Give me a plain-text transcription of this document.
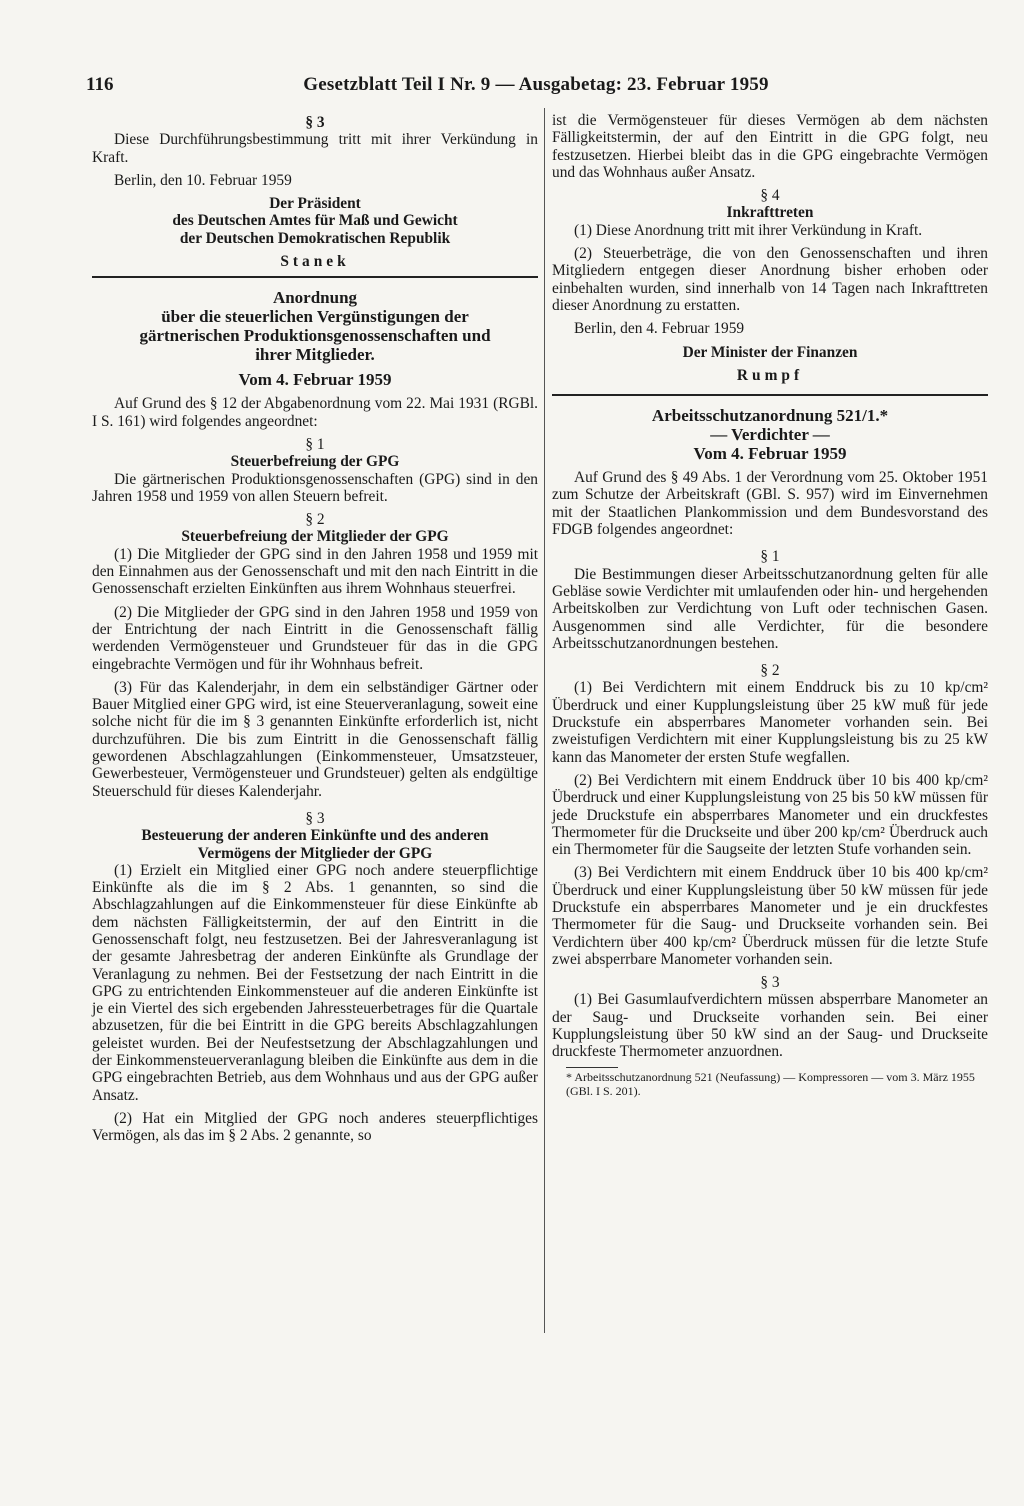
116	Gesetzblatt Teil I Nr. 9 — Ausgabetag: 23. Februar 1959

§ 3

Diese Durchführungsbestimmung tritt mit ihrer Verkündung in Kraft.

Berlin, den 10. Februar 1959

Der Präsident

des Deutschen Amtes für Maß und Gewicht

der Deutschen Demokratischen Republik

Stanek

Anordnung

über die steuerlichen Vergünstigungen der

gärtnerischen Produktionsgenossenschaften und

ihrer Mitglieder.

Vom 4. Februar 1959

Auf Grund des § 12 der Abgabenordnung vom 22. Mai 1931 (RGBl. I S. 161) wird folgendes angeordnet:

§ 1

Steuerbefreiung der GPG

Die gärtnerischen Produktionsgenossenschaften (GPG) sind in den Jahren 1958 und 1959 von allen Steuern befreit.

§ 2

Steuerbefreiung der Mitglieder der GPG

(1) Die Mitglieder der GPG sind in den Jahren 1958 und 1959 mit den Einnahmen aus der Genossenschaft und mit den nach Eintritt in die Genossenschaft erzielten Einkünften aus ihrem Wohnhaus steuerfrei.

(2) Die Mitglieder der GPG sind in den Jahren 1958 und 1959 von der Entrichtung der nach Eintritt in die Genossenschaft fällig werdenden Vermögensteuer und Grundsteuer für das in die GPG eingebrachte Vermögen und für ihr Wohnhaus befreit.

(3) Für das Kalenderjahr, in dem ein selbständiger Gärtner oder Bauer Mitglied einer GPG wird, ist eine Steuerveranlagung, soweit eine solche nicht für die im § 3 genannten Einkünfte erforderlich ist, nicht durchzuführen. Die bis zum Eintritt in die Genossenschaft fällig gewordenen Abschlagzahlungen (Einkommensteuer, Umsatzsteuer, Gewerbesteuer, Vermögensteuer und Grundsteuer) gelten als endgültige Steuerschuld für dieses Kalenderjahr.

§ 3

Besteuerung der anderen Einkünfte und des anderen

Vermögens der Mitglieder der GPG

(1) Erzielt ein Mitglied einer GPG noch andere steuerpflichtige Einkünfte als die im § 2 Abs. 1 genannten, so sind die Abschlagzahlungen auf die Einkommensteuer für diese Einkünfte ab dem nächsten Fälligkeitstermin, der auf den Eintritt in die Genossenschaft folgt, neu festzusetzen. Bei der Jahresveranlagung ist der gesamte Jahresbetrag der anderen Einkünfte als Grundlage der Veranlagung zu nehmen. Bei der Festsetzung der nach Eintritt in die GPG zu entrichtenden Einkommensteuer auf die anderen Einkünfte ist je ein Viertel des sich ergebenden Jahressteuerbetrages für die Quartale abzusetzen, für die bei Eintritt in die GPG bereits Abschlagzahlungen geleistet wurden. Bei der Neufestsetzung der Abschlagzahlungen und der Einkommensteuerveranlagung bleiben die Einkünfte aus dem in die GPG eingebrachten Betrieb, aus dem Wohnhaus und aus der GPG außer Ansatz.

(2) Hat ein Mitglied der GPG noch anderes steuerpflichtiges Vermögen, als das im § 2 Abs. 2 genannte, so

ist die Vermögensteuer für dieses Vermögen ab dem nächsten Fälligkeitstermin, der auf den Eintritt in die GPG folgt, neu festzusetzen. Hierbei bleibt das in die GPG eingebrachte Vermögen und das Wohnhaus außer Ansatz.

§ 4

Inkrafttreten

(1) Diese Anordnung tritt mit ihrer Verkündung in Kraft.

(2) Steuerbeträge, die von den Genossenschaften und ihren Mitgliedern entgegen dieser Anordnung bisher erhoben oder einbehalten wurden, sind innerhalb von 14 Tagen nach Inkrafttreten dieser Anordnung zu erstatten.

Berlin, den 4. Februar 1959

Der Minister der Finanzen

Rumpf

Arbeitsschutzanordnung 521/1.*

— Verdichter —

Vom 4. Februar 1959

Auf Grund des § 49 Abs. 1 der Verordnung vom 25. Oktober 1951 zum Schutze der Arbeitskraft (GBl. S. 957) wird im Einvernehmen mit der Staatlichen Plankommission und dem Bundesvorstand des FDGB folgendes angeordnet:

§ 1

Die Bestimmungen dieser Arbeitsschutzanordnung gelten für alle Gebläse sowie Verdichter mit umlaufenden oder hin- und hergehenden Arbeitskolben zur Verdichtung von Luft oder technischen Gasen. Ausgenommen sind alle Verdichter, für die besondere Arbeitsschutzanordnungen bestehen.

§ 2

(1) Bei Verdichtern mit einem Enddruck bis zu 10 kp/cm² Überdruck und einer Kupplungsleistung über 25 kW muß für jede Druckstufe ein absperrbares Manometer vorhanden sein. Bei zweistufigen Verdichtern mit einer Kupplungsleistung bis zu 25 kW kann das Manometer der ersten Stufe wegfallen.

(2) Bei Verdichtern mit einem Enddruck über 10 bis 400 kp/cm² Überdruck und einer Kupplungsleistung von 25 bis 50 kW müssen für jede Druckstufe ein absperrbares Manometer und ein druckfestes Thermometer für die Druckseite und über 200 kp/cm² Überdruck auch ein Thermometer für die Saugseite der letzten Stufe vorhanden sein.

(3) Bei Verdichtern mit einem Enddruck über 10 bis 400 kp/cm² Überdruck und einer Kupplungsleistung über 50 kW müssen für jede Druckstufe ein absperrbares Manometer und je ein druckfestes Thermometer für die Saug- und Druckseite vorhanden sein. Bei Verdichtern über 400 kp/cm² Überdruck müssen für die letzte Stufe zwei absperrbare Manometer vorhanden sein.

§ 3

(1) Bei Gasumlaufverdichtern müssen absperrbare Manometer an der Saug- und Druckseite vorhanden sein. Bei einer Kupplungsleistung über 50 kW sind an der Saug- und Druckseite druckfeste Thermometer anzuordnen.

* Arbeitsschutzanordnung 521 (Neufassung) — Kompressoren — vom 3. März 1955 (GBl. I S. 201).
